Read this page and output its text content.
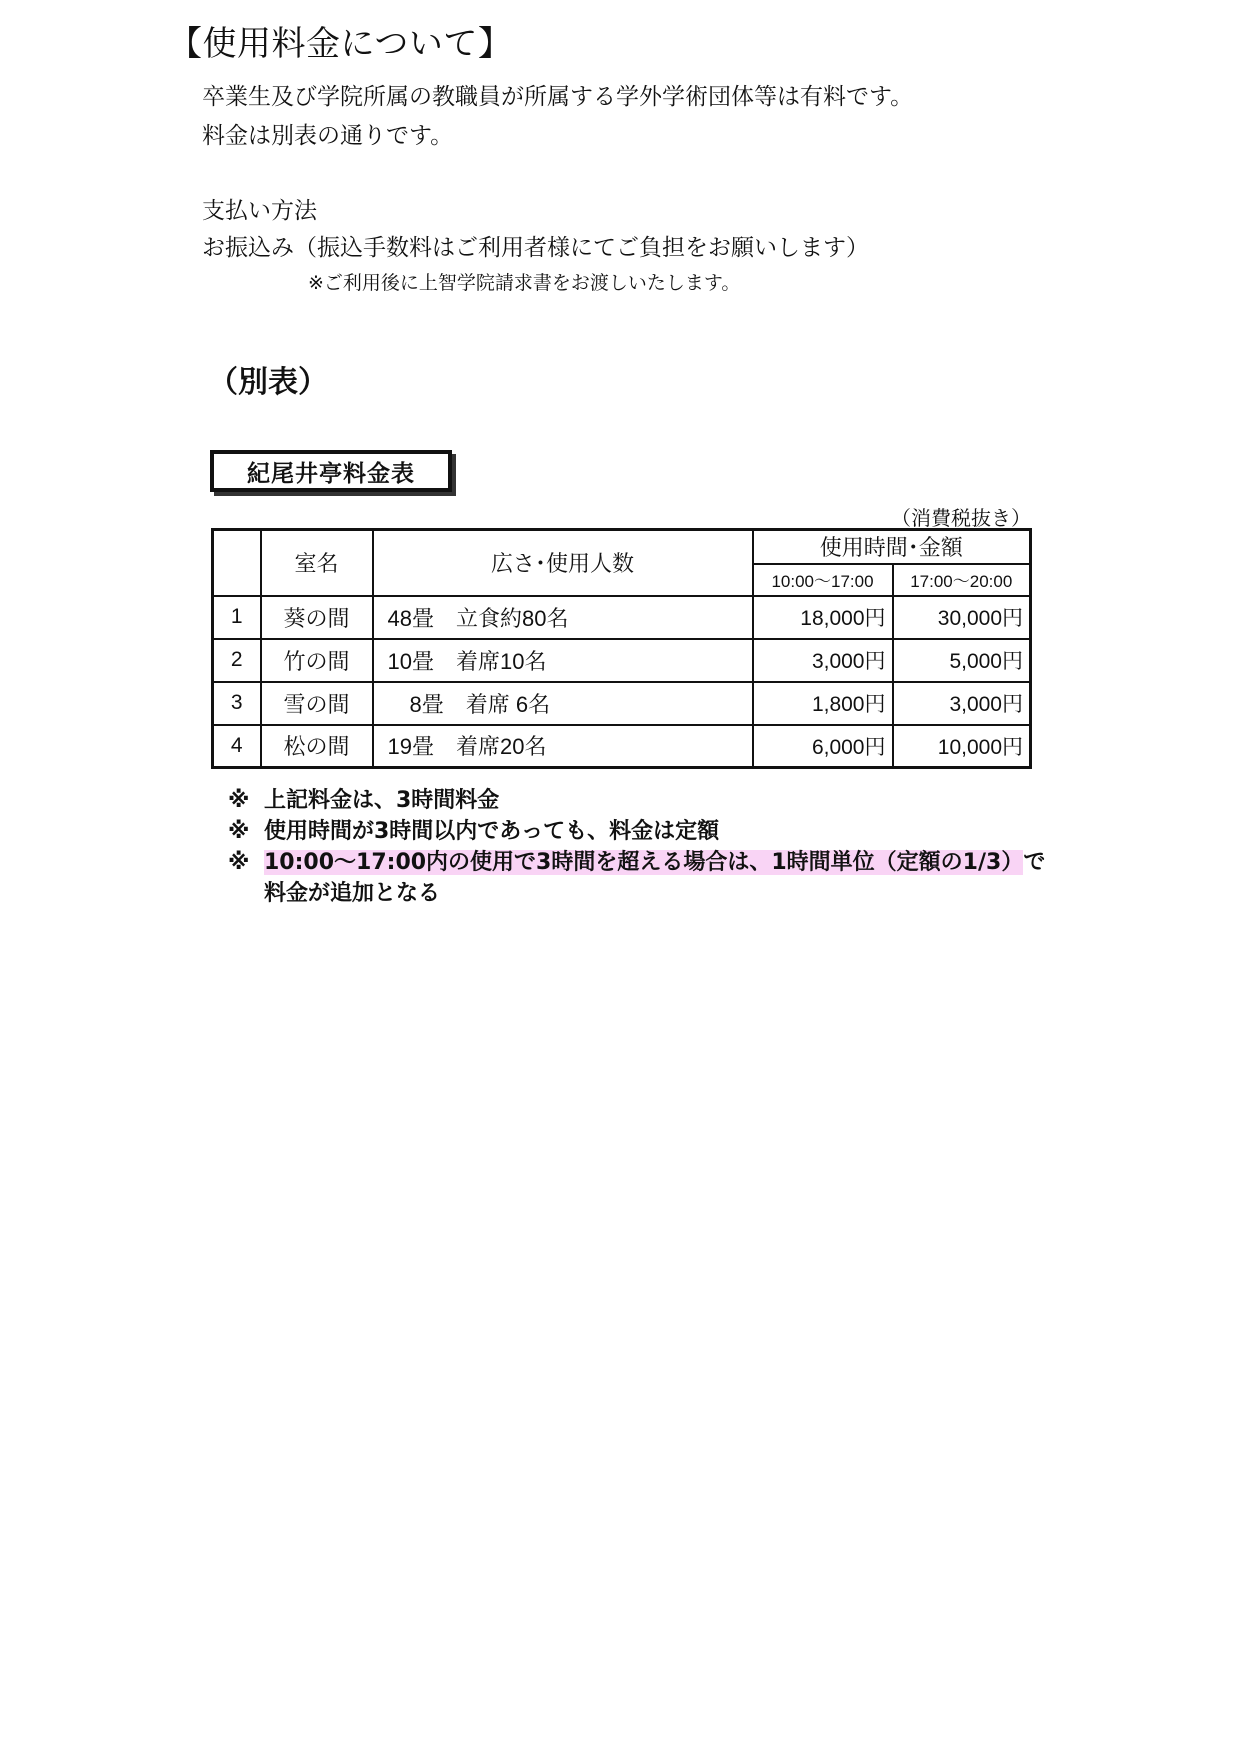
【使用料金について】
卒業生及び学院所属の教職員が所属する学外学術団体等は有料です。
料金は別表の通りです。
支払い方法
お振込み（振込手数料はご利用者様にてご負担をお願いします）
※ご利用後に上智学院請求書をお渡しいたします。
（別表）
紀尾井亭料金表
（消費税抜き）
	室名	広さ･使用人数	使用時間･金額	
			10:00～17:00	17:00～20:00
1	葵の間	48畳　立食約80名	18,000円	30,000円
2	竹の間	10畳　着席10名	3,000円	5,000円
3	雪の間	　8畳　着席 6名	1,800円	3,000円
4	松の間	19畳　着席20名	6,000円	10,000円
※ 上記料金は、3時間料金
※ 使用時間が3時間以内であっても、料金は定額
※ 10:00～17:00内の使用で3時間を超える場合は、1時間単位（定額の1/3）で
料金が追加となる
